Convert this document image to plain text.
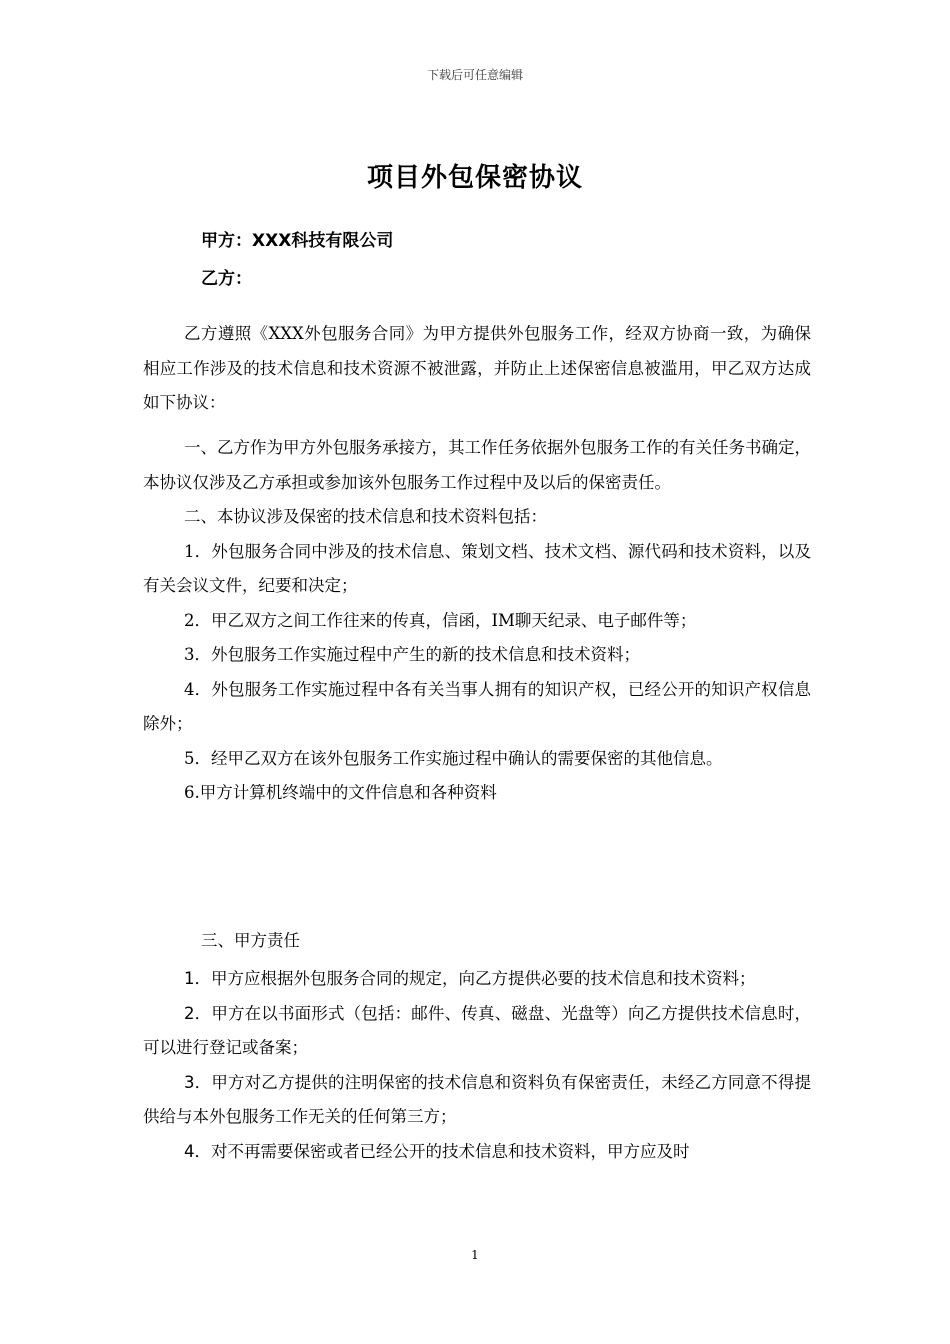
下载后可任意编辑
项目外包保密协议
甲方：XXX科技有限公司
乙方：

乙方遵照《XXX外包服务合同》为甲方提供外包服务工作，经双方协商一致，为确保相应工作涉及的技术信息和技术资源不被泄露，并防止上述保密信息被滥用，甲乙双方达成如下协议：

一、乙方作为甲方外包服务承接方，其工作任务依据外包服务工作的有关任务书确定，本协议仅涉及乙方承担或参加该外包服务工作过程中及以后的保密责任。

二、本协议涉及保密的技术信息和技术资料包括：

1．外包服务合同中涉及的技术信息、策划文档、技术文档、源代码和技术资料，以及有关会议文件，纪要和决定；

2．甲乙双方之间工作往来的传真，信函，IM聊天纪录、电子邮件等；

3．外包服务工作实施过程中产生的新的技术信息和技术资料；

4．外包服务工作实施过程中各有关当事人拥有的知识产权，已经公开的知识产权信息除外；

5．经甲乙双方在该外包服务工作实施过程中确认的需要保密的其他信息。

6.甲方计算机终端中的文件信息和各种资料

三、甲方责任

1．甲方应根据外包服务合同的规定，向乙方提供必要的技术信息和技术资料；

2．甲方在以书面形式（包括：邮件、传真、磁盘、光盘等）向乙方提供技术信息时，可以进行登记或备案；

3．甲方对乙方提供的注明保密的技术信息和资料负有保密责任，未经乙方同意不得提供给与本外包服务工作无关的任何第三方；

4．对不再需要保密或者已经公开的技术信息和技术资料，甲方应及时

1
